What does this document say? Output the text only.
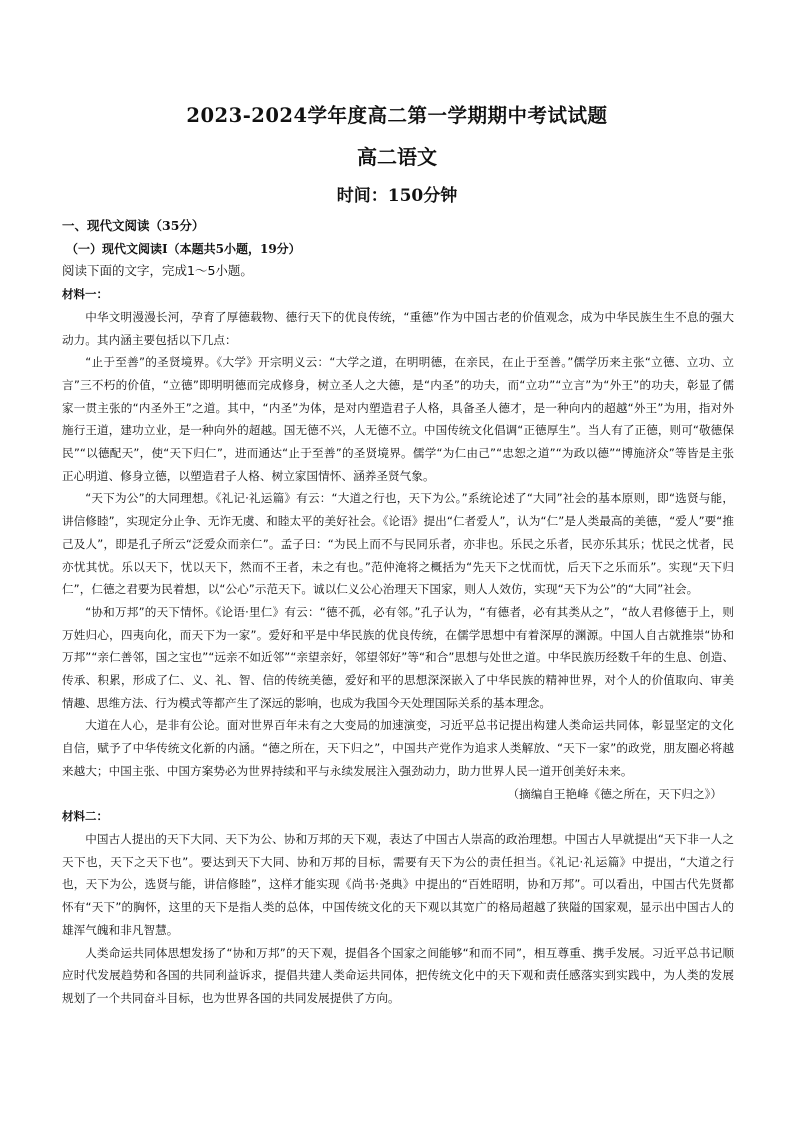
2023-2024学年度高二第一学期期中考试试题
高二语文
时间：150分钟
一、现代文阅读（35分）
（一）现代文阅读Ⅰ（本题共5小题，19分）
阅读下面的文字，完成1～5小题。
材料一：

中华文明漫漫长河，孕育了厚德载物、德行天下的优良传统，“重德”作为中国古老的价值观念，成为中华民族生生不息的强大动力。其内涵主要包括以下几点：

“止于至善”的圣贤境界。《大学》开宗明义云：“大学之道，在明明德，在亲民，在止于至善。”儒学历来主张“立德、立功、立言”三不朽的价值，“立德”即明明德而完成修身，树立圣人之大德，是“内圣”的功夫，而“立功”“立言”为“外王”的功夫，彰显了儒家一贯主张的“内圣外王”之道。其中，“内圣”为体，是对内塑造君子人格，具备圣人德才，是一种向内的超越“外王”为用，指对外施行王道，建功立业，是一种向外的超越。国无德不兴，人无德不立。中国传统文化倡调“正德厚生”。当人有了正德，则可“敬德保民”“以德配天”，使“天下归仁”，进而通达“止于至善”的圣贤境界。儒学“为仁由己”“忠恕之道”“为政以德”“博施济众”等皆是主张正心明道、修身立德，以塑造君子人格、树立家国情怀、涵养圣贤气象。

“天下为公”的大同理想。《礼记·礼运篇》有云：“大道之行也，天下为公。”系统论述了“大同”社会的基本原则，即“选贤与能，讲信修睦”，实现定分止争、无诈无虞、和睦太平的美好社会。《论语》提出“仁者爱人”，认为“仁”是人类最高的美德，“爱人”要“推己及人”，即是孔子所云“泛爱众而亲仁”。孟子曰：“为民上而不与民同乐者，亦非也。乐民之乐者，民亦乐其乐；忧民之忧者，民亦忧其忧。乐以天下，忧以天下，然而不王者，未之有也。”范仲淹将之概括为“先天下之忧而忧，后天下之乐而乐”。实现“天下归仁”，仁德之君要为民着想，以“公心”示范天下。诚以仁义公心治理天下国家，则人人效仿，实现“天下为公”的“大同”社会。

“协和万邦”的天下情怀。《论语·里仁》有云：“德不孤，必有邻。”孔子认为，“有德者，必有其类从之”，“故人君修德于上，则万姓归心，四夷向化，而天下为一家”。爱好和平是中华民族的优良传统，在儒学思想中有着深厚的渊源。中国人自古就推崇“协和万邦”“亲仁善邻，国之宝也”“远亲不如近邻”“亲望亲好，邻望邻好”等“和合”思想与处世之道。中华民族历经数千年的生息、创造、传承、积累，形成了仁、义、礼、智、信的传统美德，爱好和平的思想深深嵌入了中华民族的精神世界，对个人的价值取向、审美情趣、思维方法、行为模式等都产生了深远的影响，也成为我国今天处理国际关系的基本理念。

大道在人心，是非有公论。面对世界百年未有之大变局的加速演变，习近平总书记提出构建人类命运共同体，彰显坚定的文化自信，赋予了中华传统文化新的内涵。“德之所在，天下归之”，中国共产党作为追求人类解放、“天下一家”的政党，朋友圈必将越来越大；中国主张、中国方案势必为世界持续和平与永续发展注入强劲动力，助力世界人民一道开创美好未来。

（摘编自王艳峰《德之所在，天下归之》）

材料二：

中国古人提出的天下大同、天下为公、协和万邦的天下观，表达了中国古人崇高的政治理想。中国古人早就提出“天下非一人之天下也，天下之天下也”。要达到天下大同、协和万邦的目标，需要有天下为公的责任担当。《礼记·礼运篇》中提出，“大道之行也，天下为公，选贤与能，讲信修睦”，这样才能实现《尚书·尧典》中提出的“百姓昭明，协和万邦”。可以看出，中国古代先贤都怀有“天下”的胸怀，这里的天下是指人类的总体，中国传统文化的天下观以其宽广的格局超越了狭隘的国家观，显示出中国古人的雄浑气魄和非凡智慧。

人类命运共同体思想发扬了“协和万邦”的天下观，提倡各个国家之间能够“和而不同”，相互尊重、携手发展。习近平总书记顺应时代发展趋势和各国的共同利益诉求，提倡共建人类命运共同体，把传统文化中的天下观和责任感落实到实践中，为人类的发展规划了一个共同奋斗目标，也为世界各国的共同发展提供了方向。
